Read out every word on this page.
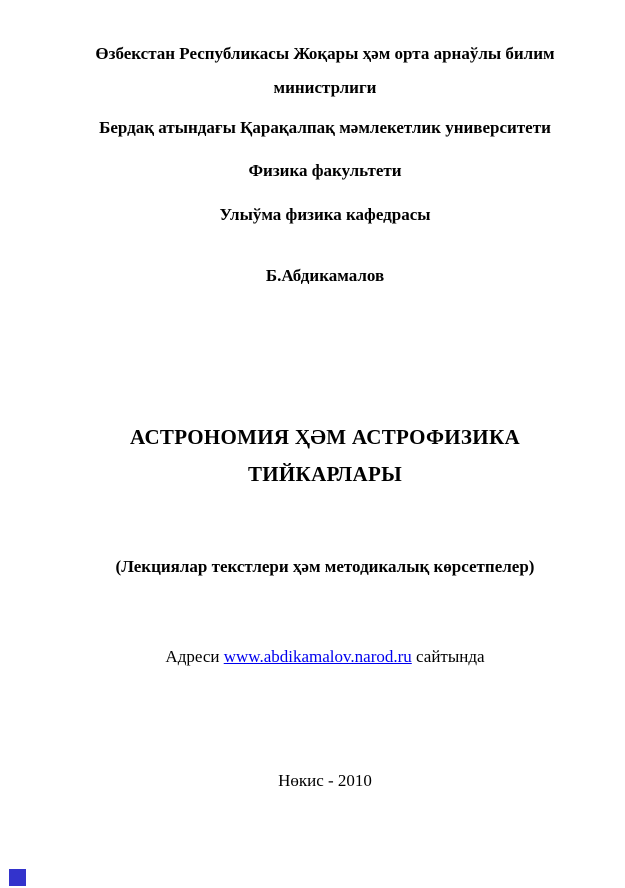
Өзбекстан Республикасы Жоқары ҳәм орта арнаўлы билим
министрлиги
Бердақ атындағы Қарақалпақ мәмлекетлик университети
Физика факультети
Улыўма физика кафедрасы
Б.Абдикамалов
АСТРОНОМИЯ ҲӘМ АСТРОФИЗИКА
ТИЙКАРЛАРЫ
(Лекциялар текстлери ҳәм методикалық көрсетпелер)
Адреси www.abdikamalov.narod.ru сайтында
Нөкис - 2010
